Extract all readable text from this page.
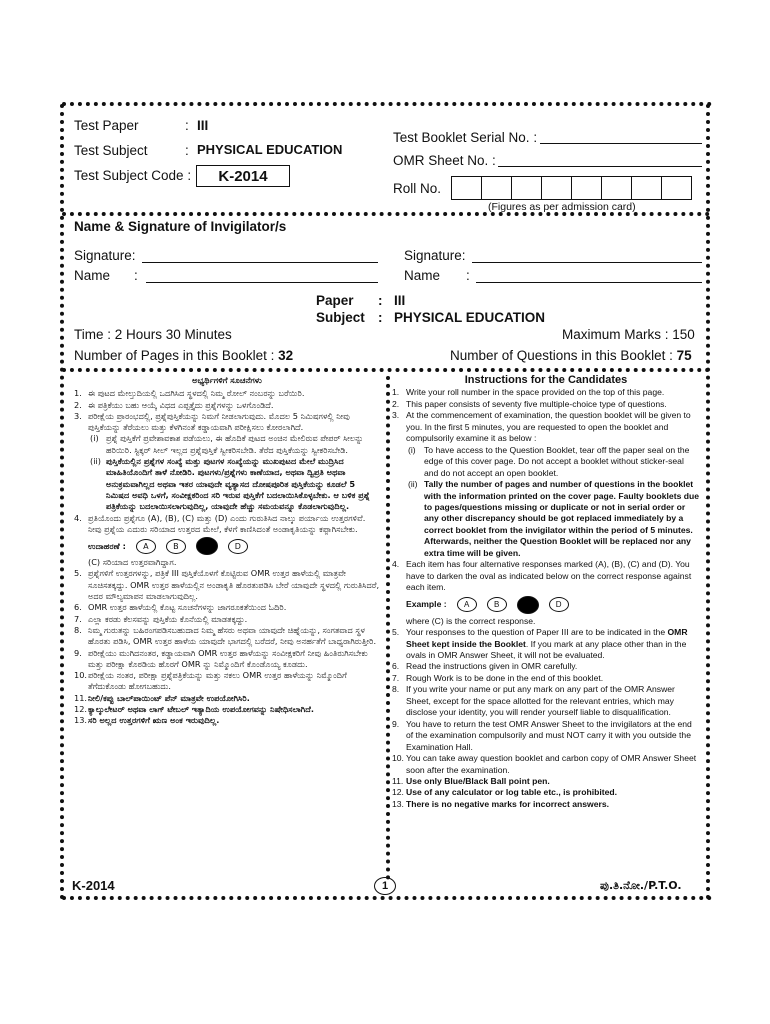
Test Paper	: III
Test Subject	: PHYSICAL EDUCATION
Test Subject Code :	K-2014
Test Booklet Serial No. :
OMR Sheet No. :
Roll No.
(Figures as per admission card)
Name & Signature of Invigilator/s
Signature:
Name :
Signature:
Name :
Paper : III
Subject : PHYSICAL EDUCATION
Time : 2 Hours 30 Minutes	Maximum Marks : 150
Number of Pages in this Booklet : 32	Number of Questions in this Booklet : 75
ಅಭ್ಯರ್ಥಿಗಳಿಗೆ ಸೂಚನೆಗಳು
1. ಈ ಪುಟದ ಮೇಲ್ತುದಿಯಲ್ಲಿ ಒದಗಿಸಿದ ಸ್ಥಳದಲ್ಲಿ ನಿಮ್ಮ ರೋಲ್ ನಂಬರನ್ನು ಬರೆಯಿರಿ.
2. ಈ ಪತ್ರಿಕೆಯು ಬಹು ಆಯ್ಕೆ ವಿಧದ ಎಪ್ಪತ್ತೈದು ಪ್ರಶ್ನೆಗಳನ್ನು ಒಳಗೊಂಡಿದೆ.
3. ಪರೀಕ್ಷೆಯ ಪ್ರಾರಂಭದಲ್ಲಿ, ಪ್ರಶ್ನೆಪುಸ್ತಿಕೆಯನ್ನು ನಿಮಗೆ ನೀಡಲಾಗುವುದು. ಮೊದಲ 5 ನಿಮಿಷಗಳಲ್ಲಿ ನೀವು ಪುಸ್ತಿಕೆಯನ್ನು ತೆರೆಯಲು ಮತ್ತು ಕೆಳಗಿನಂತೆ ಕಡ್ಡಾಯವಾಗಿ ಪರೀಕ್ಷಿಸಲು ಕೋರಲಾಗಿದೆ.
(i) ಪ್ರಶ್ನೆ ಪುಸ್ತಿಕೆಗೆ ಪ್ರವೇಶಾವಕಾಶ ಪಡೆಯಲು, ಈ ಹೊದಿಕೆ ಪುಟದ ಅಂಚಿನ ಮೇಲಿರುವ ಪೇಪರ್ ಸೀಲನ್ನು ಹರಿಯಿರಿ. ಸ್ಟಿಕ್ಕರ್ ಸೀಲ್ ಇಲ್ಲದ ಪ್ರಶ್ನೆಪುಸ್ತಿಕೆ ಸ್ವೀಕರಿಸಬೇಡಿ. ತೆರೆದ ಪುಸ್ತಿಕೆಯನ್ನು ಸ್ವೀಕರಿಸಬೇಡಿ.
(ii) ಪುಸ್ತಿಕೆಯಲ್ಲಿನ ಪ್ರಶ್ನೆಗಳ ಸಂಖ್ಯೆ ಮತ್ತು ಪುಟಗಳ ಸಂಖ್ಯೆಯನ್ನು ಮುಖಪುಟದ ಮೇಲೆ ಮುದ್ರಿಸಿದ ಮಾಹಿತಿಯೊಂದಿಗೆ ತಾಳೆ ನೋಡಿರಿ. ಪುಟಗಳು/ಪ್ರಶ್ನೆಗಳು ಕಾಣೆಯಾದ, ಅಥವಾ ದ್ವಿಪ್ರತಿ ಅಥವಾ ಅನುಕ್ರಮವಾಗಿಲ್ಲದ ಅಥವಾ ಇತರ ಯಾವುದೇ ವ್ಯತ್ಯಾಸದ ದೋಷಪೂರಿತ ಪುಸ್ತಿಕೆಯನ್ನು ಕೂಡಲೆ 5 ನಿಮಿಷದ ಅವಧಿ ಒಳಗೆ, ಸಂವೀಕ್ಷಕರಿಂದ ಸರಿ ಇರುವ ಪುಸ್ತಿಕೆಗೆ ಬದಲಾಯಿಸಿಕೊಳ್ಳಬೇಕು. ಆ ಬಳಿಕ ಪ್ರಶ್ನೆ ಪತ್ರಿಕೆಯನ್ನು ಬದಲಾಯಿಸಲಾಗುವುದಿಲ್ಲ, ಯಾವುದೇ ಹೆಚ್ಚು ಸಮಯವನ್ನೂ ಕೊಡಲಾಗುವುದಿಲ್ಲ.
4. ಪ್ರತಿಯೊಂದು ಪ್ರಶ್ನೆಗೂ (A), (B), (C) ಮತ್ತು (D) ಎಂದು ಗುರುತಿಸಿದ ನಾಲ್ಕು ಪರ್ಯಾಯ ಉತ್ತರಗಳಿವೆ. ನೀವು ಪ್ರಶ್ನೆಯ ಎದುರು ಸರಿಯಾದ ಉತ್ತರದ ಮೇಲೆ, ಕೆಳಗೆ ಕಾಣಿಸಿದಂತೆ ಅಂಡಾಕೃತಿಯನ್ನು ಕಪ್ಪಾಗಿಸಬೇಕು.
ಉದಾಹರಣೆ :	A	B	D
(C) ಸರಿಯಾದ ಉತ್ತರವಾಗಿದ್ದಾಗ.
5. ಪ್ರಶ್ನೆಗಳಿಗೆ ಉತ್ತರಗಳನ್ನು, ಪತ್ರಿಕೆ III ಪುಸ್ತಿಕೆಯೊಳಗೆ ಕೊಟ್ಟಿರುವ OMR ಉತ್ತರ ಹಾಳೆಯಲ್ಲಿ ಮಾತ್ರವೇ ಸೂಚಿಸತಕ್ಕದ್ದು. OMR ಉತ್ತರ ಹಾಳೆಯಲ್ಲಿನ ಅಂಡಾಕೃತಿ ಹೊರತುಪಡಿಸಿ ಬೇರೆ ಯಾವುದೇ ಸ್ಥಳದಲ್ಲಿ ಗುರುತಿಸಿದರೆ, ಅದರ ಮೌಲ್ಯಮಾಪನ ಮಾಡಲಾಗುವುದಿಲ್ಲ.
6. OMR ಉತ್ತರ ಹಾಳೆಯಲ್ಲಿ ಕೊಟ್ಟ ಸೂಚನೆಗಳನ್ನು ಜಾಗರೂಕತೆಯಿಂದ ಓದಿರಿ.
7. ಎಲ್ಲಾ ಕರಡು ಕೆಲಸವನ್ನು ಪುಸ್ತಿಕೆಯ ಕೊನೆಯಲ್ಲಿ ಮಾಡತಕ್ಕದ್ದು.
8. ನಿಮ್ಮ ಗುರುತನ್ನು ಬಹಿರಂಗಪಡಿಸಬಹುದಾದ ನಿಮ್ಮ ಹೆಸರು ಅಥವಾ ಯಾವುದೇ ಚಿಹ್ನೆಯನ್ನು, ಸಂಗತವಾದ ಸ್ಥಳ ಹೊರತು ಪಡಿಸಿ, OMR ಉತ್ತರ ಹಾಳೆಯ ಯಾವುದೇ ಭಾಗದಲ್ಲಿ ಬರೆದರೆ, ನೀವು ಅನರ್ಹತೆಗೆ ಬಾಧ್ಯರಾಗಿರುತ್ತೀರಿ.
9. ಪರೀಕ್ಷೆಯು ಮುಗಿದನಂತರ, ಕಡ್ಡಾಯವಾಗಿ OMR ಉತ್ತರ ಹಾಳೆಯನ್ನು ಸಂವೀಕ್ಷಕರಿಗೆ ನೀವು ಹಿಂತಿರುಗಿಸಬೇಕು ಮತ್ತು ಪರೀಕ್ಷಾ ಕೊಠಡಿಯ ಹೊರಗೆ OMR ನ್ನು ನಿಮ್ಮೊಂದಿಗೆ ಕೊಂಡೊಯ್ಯ ಕೂಡದು.
10. ಪರೀಕ್ಷೆಯ ನಂತರ, ಪರೀಕ್ಷಾ ಪ್ರಶ್ನೆಪತ್ರಿಕೆಯನ್ನು ಮತ್ತು ನಕಲು OMR ಉತ್ತರ ಹಾಳೆಯನ್ನು ನಿಮ್ಮೊಂದಿಗೆ ತೆಗೆದುಕೊಂಡು ಹೋಗಬಹುದು.
11. ನೀಲಿ/ಕಪ್ಪು ಬಾಲ್‌ಪಾಯಿಂಟ್ ಪೆನ್ ಮಾತ್ರವೇ ಉಪಯೋಗಿಸಿರಿ.
12. ಕ್ಯಾಲ್ಕುಲೇಟರ್ ಅಥವಾ ಲಾಗ್ ಟೇಬಲ್ ಇತ್ಯಾದಿಯ ಉಪಯೋಗವನ್ನು ನಿಷೇಧಿಸಲಾಗಿದೆ.
13. ಸರಿ ಅಲ್ಲದ ಉತ್ತರಗಳಿಗೆ ಋಣ ಅಂಕ ಇರುವುದಿಲ್ಲ.
Instructions for the Candidates
1. Write your roll number in the space provided on the top of this page.
2. This paper consists of seventy five multiple-choice type of questions.
3. At the commencement of examination, the question booklet will be given to you. In the first 5 minutes, you are requested to open the booklet and compulsorily examine it as below :
(i) To have access to the Question Booklet, tear off the paper seal on the edge of this cover page. Do not accept a booklet without sticker-seal and do not accept an open booklet.
(ii) Tally the number of pages and number of questions in the booklet with the information printed on the cover page. Faulty booklets due to pages/questions missing or duplicate or not in serial order or any other discrepancy should be got replaced immediately by a correct booklet from the invigilator within the period of 5 minutes. Afterwards, neither the Question Booklet will be replaced nor any extra time will be given.
4. Each item has four alternative responses marked (A), (B), (C) and (D). You have to darken the oval as indicated below on the correct response against each item.
Example :	A	B	D
where (C) is the correct response.
5. Your responses to the question of Paper III are to be indicated in the OMR Sheet kept inside the Booklet. If you mark at any place other than in the ovals in OMR Answer Sheet, it will not be evaluated.
6. Read the instructions given in OMR carefully.
7. Rough Work is to be done in the end of this booklet.
8. If you write your name or put any mark on any part of the OMR Answer Sheet, except for the space allotted for the relevant entries, which may disclose your identity, you will render yourself liable to disqualification.
9. You have to return the test OMR Answer Sheet to the invigilators at the end of the examination compulsorily and must NOT carry it with you outside the Examination Hall.
10. You can take away question booklet and carbon copy of OMR Answer Sheet soon after the examination.
11. Use only Blue/Black Ball point pen.
12. Use of any calculator or log table etc., is prohibited.
13. There is no negative marks for incorrect answers.
K-2014	1	ಪು.ತಿ.ನೋ./P.T.O.
